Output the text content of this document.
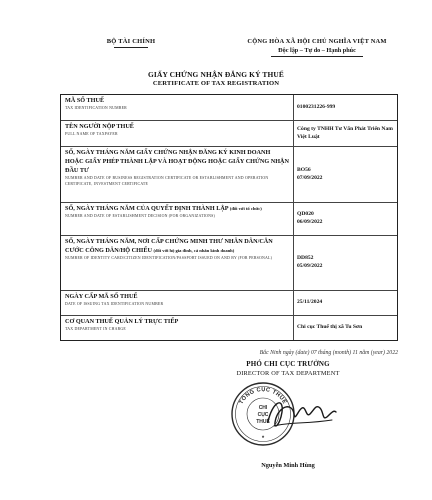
BỘ TÀI CHÍNH	CỘNG HÒA XÃ HỘI CHỦ NGHĨA VIỆT NAM
Độc lập – Tự do – Hạnh phúc
GIẤY CHỨNG NHẬN ĐĂNG KÝ THUẾ
CERTIFICATE OF TAX REGISTRATION
MÃ SỐ THUẾ
TAX IDENTIFICATION NUMBER	0100231226-999
TÊN NGƯỜI NỘP THUẾ
FULL NAME OF TAXPAYER
Công ty TNHH Tư Vấn Phát Triển Nam Việt Luật
SỐ, NGÀY THÁNG NĂM GIẤY CHỨNG NHẬN ĐĂNG KÝ KINH DOANH HOẶC GIẤY PHÉP THÀNH LẬP VÀ HOẠT ĐỘNG HOẶC GIẤY CHỨNG NHẬN ĐẦU TƯ
NUMBER AND DATE OF BUSINESS REGISTRATION CERTIFICATE OR ESTABLISHMENT AND OPERATION CERTIFICATE, INVESTMENT CERTIFICATE
BO56
07/09/2022
SỐ, NGÀY THÁNG NĂM CỦA QUYẾT ĐỊNH THÀNH LẬP (đối với tổ chức)
NUMBER AND DATE OF ESTABLISHMENT DECISION (FOR ORGANIZATIONS)	QD020
06/09/2022
SỐ, NGÀY THÁNG NĂM, NƠI CẤP CHỨNG MINH THƯ NHÂN DÂN/CĂN CƯỚC CÔNG DÂN/HỘ CHIẾU (đối với hộ gia đình, cá nhân kinh doanh)
NUMBER OF IDENTITY CARD/CITIZEN IDENTIFICATION/PASSPORT ISSUED ON AND BY (FOR PERSONAL)	DD852
05/09/2022
NGÀY CẤP MÃ SỐ THUẾ
DATE OF ISSUING TAX IDENTIFICATION NUMBER	25/11/2024
CƠ QUAN THUẾ QUẢN LÝ TRỰC TIẾP
TAX DEPARTMENT IN CHARGE	Chi cục Thuế thị xã Tu Sơn
Bắc Ninh ngày (date) 07 tháng (month) 11 năm (year) 2022
PHÓ CHI CỤC TRƯỞNG
DIRECTOR OF TAX DEPARTMENT
TỔNG CỤC THUẾ
CHI
CỤC
THUẾ
*
Nguyễn Minh Hùng
